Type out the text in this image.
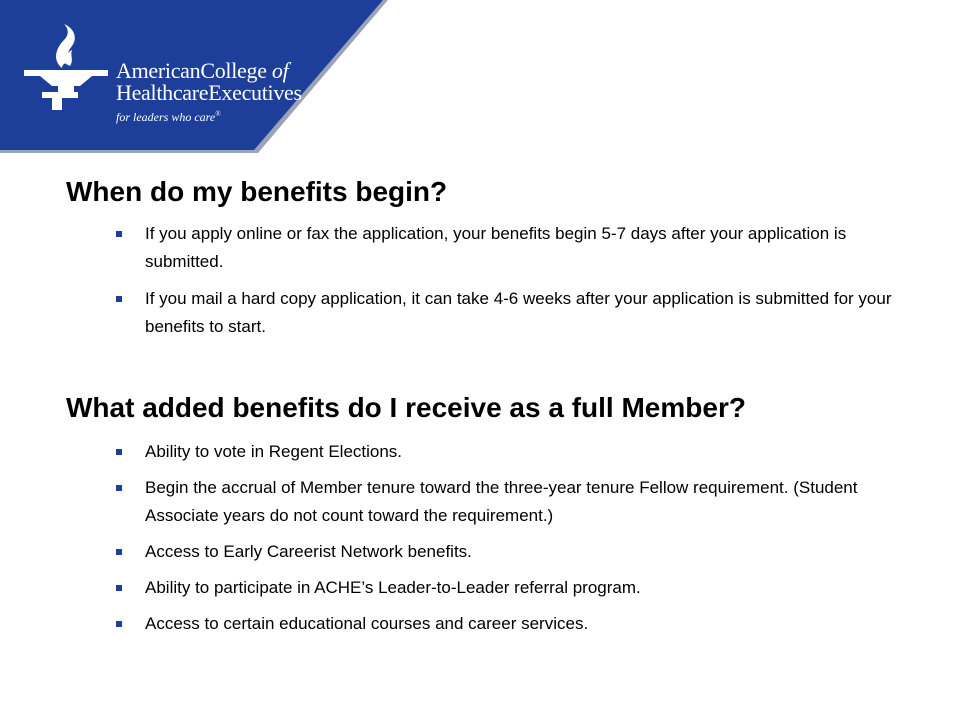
AmericanCollege of
HealthcareExecutives
for leaders who care®
When do my benefits begin?
If you apply online or fax the application, your benefits begin 5-7 days after your application is submitted.
If you mail a hard copy application, it can take 4-6 weeks after your application is submitted for your benefits to start.
What added benefits do I receive as a full Member?
Ability to vote in Regent Elections.
Begin the accrual of Member tenure toward the three-year tenure Fellow requirement. (Student Associate years do not count toward the requirement.)
Access to Early Careerist Network benefits.
Ability to participate in ACHE’s Leader-to-Leader referral program.
Access to certain educational courses and career services.
